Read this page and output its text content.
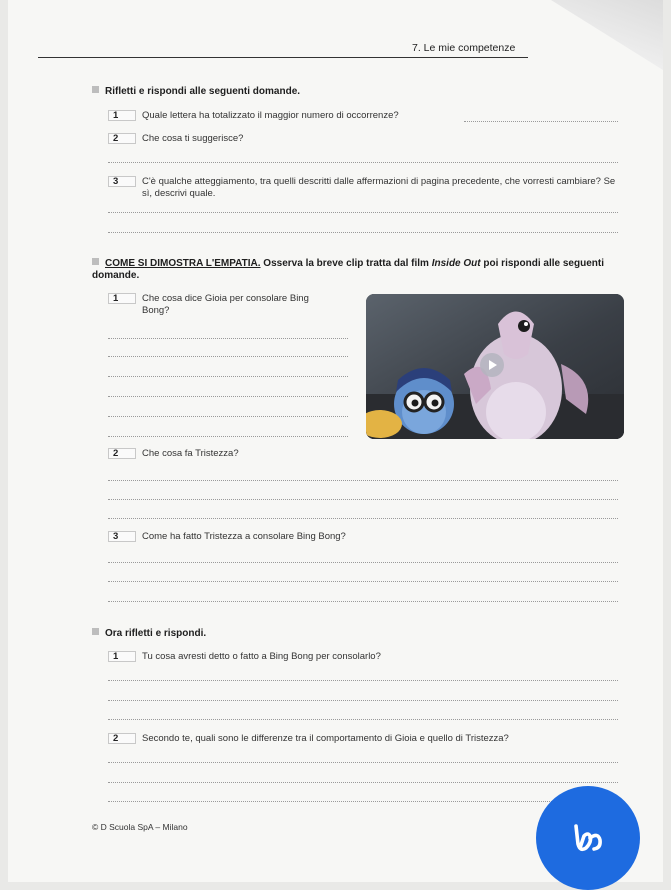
7. Le mie competenze
Rifletti e rispondi alle seguenti domande.
1 Quale lettera ha totalizzato il maggior numero di occorrenze?
2 Che cosa ti suggerisce?
3 C'è qualche atteggiamento, tra quelli descritti dalle affermazioni di pagina precedente, che vorresti cambiare? Se sì, descrivi quale.
COME SI DIMOSTRA L'EMPATIA. Osserva la breve clip tratta dal film Inside Out poi rispondi alle seguenti domande.
1 Che cosa dice Gioia per consolare Bing Bong?
2 Che cosa fa Tristezza?
3 Come ha fatto Tristezza a consolare Bing Bong?
Ora rifletti e rispondi.
1 Tu cosa avresti detto o fatto a Bing Bong per consolarlo?
2 Secondo te, quali sono le differenze tra il comportamento di Gioia e quello di Tristezza?
© D Scuola SpA – Milano
